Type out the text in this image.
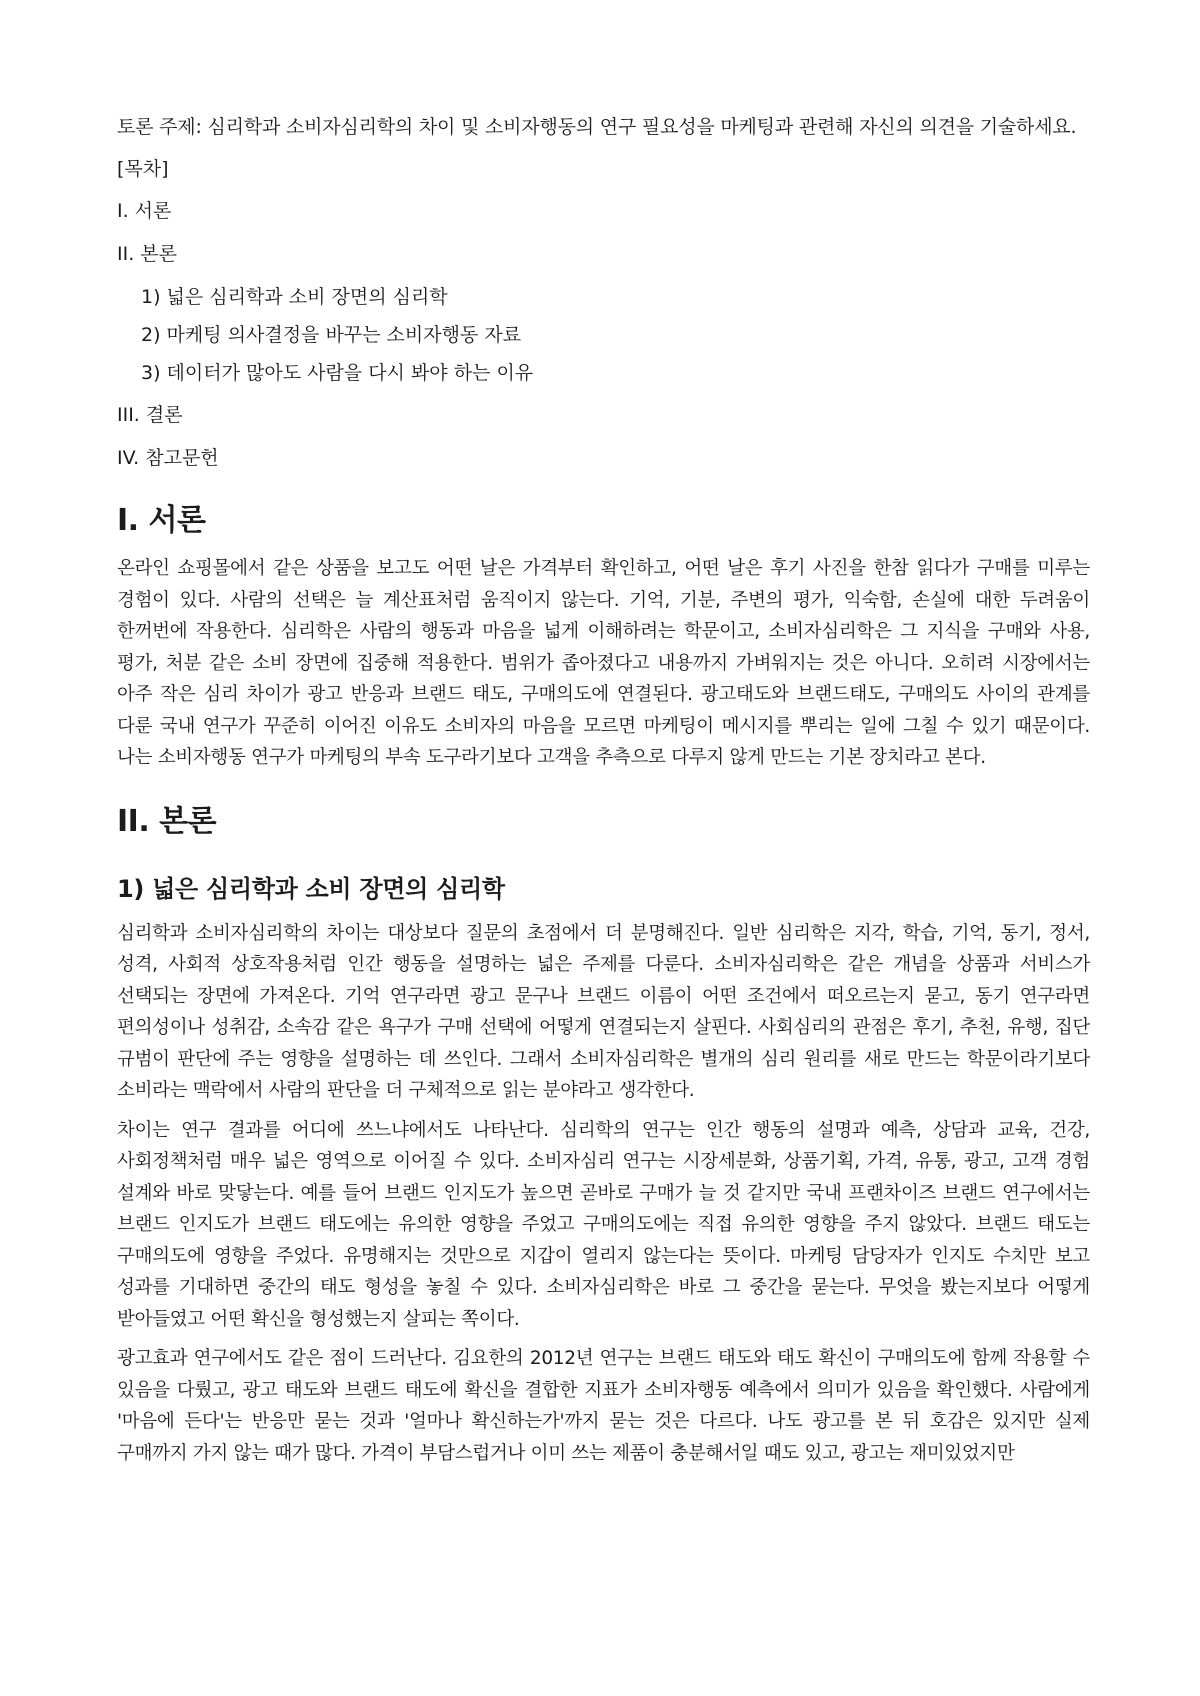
토론 주제: 심리학과 소비자심리학의 차이 및 소비자행동의 연구 필요성을 마케팅과 관련해 자신의 의견을 기술하세요.

[목차]

I. 서론
II. 본론
1) 넓은 심리학과 소비 장면의 심리학
2) 마케팅 의사결정을 바꾸는 소비자행동 자료
3) 데이터가 많아도 사람을 다시 봐야 하는 이유
III. 결론
IV. 참고문헌
I. 서론

온라인 쇼핑몰에서 같은 상품을 보고도 어떤 날은 가격부터 확인하고, 어떤 날은 후기 사진을 한참 읽다가 구매를 미루는 경험이 있다. 사람의 선택은 늘 계산표처럼 움직이지 않는다. 기억, 기분, 주변의 평가, 익숙함, 손실에 대한 두려움이 한꺼번에 작용한다. 심리학은 사람의 행동과 마음을 넓게 이해하려는 학문이고, 소비자심리학은 그 지식을 구매와 사용, 평가, 처분 같은 소비 장면에 집중해 적용한다. 범위가 좁아졌다고 내용까지 가벼워지는 것은 아니다. 오히려 시장에서는 아주 작은 심리 차이가 광고 반응과 브랜드 태도, 구매의도에 연결된다. 광고태도와 브랜드태도, 구매의도 사이의 관계를 다룬 국내 연구가 꾸준히 이어진 이유도 소비자의 마음을 모르면 마케팅이 메시지를 뿌리는 일에 그칠 수 있기 때문이다. 나는 소비자행동 연구가 마케팅의 부속 도구라기보다 고객을 추측으로 다루지 않게 만드는 기본 장치라고 본다.

II. 본론
1) 넓은 심리학과 소비 장면의 심리학

심리학과 소비자심리학의 차이는 대상보다 질문의 초점에서 더 분명해진다. 일반 심리학은 지각, 학습, 기억, 동기, 정서, 성격, 사회적 상호작용처럼 인간 행동을 설명하는 넓은 주제를 다룬다. 소비자심리학은 같은 개념을 상품과 서비스가 선택되는 장면에 가져온다. 기억 연구라면 광고 문구나 브랜드 이름이 어떤 조건에서 떠오르는지 묻고, 동기 연구라면 편의성이나 성취감, 소속감 같은 욕구가 구매 선택에 어떻게 연결되는지 살핀다. 사회심리의 관점은 후기, 추천, 유행, 집단 규범이 판단에 주는 영향을 설명하는 데 쓰인다. 그래서 소비자심리학은 별개의 심리 원리를 새로 만드는 학문이라기보다 소비라는 맥락에서 사람의 판단을 더 구체적으로 읽는 분야라고 생각한다.

차이는 연구 결과를 어디에 쓰느냐에서도 나타난다. 심리학의 연구는 인간 행동의 설명과 예측, 상담과 교육, 건강, 사회정책처럼 매우 넓은 영역으로 이어질 수 있다. 소비자심리 연구는 시장세분화, 상품기획, 가격, 유통, 광고, 고객 경험 설계와 바로 맞닿는다. 예를 들어 브랜드 인지도가 높으면 곧바로 구매가 늘 것 같지만 국내 프랜차이즈 브랜드 연구에서는 브랜드 인지도가 브랜드 태도에는 유의한 영향을 주었고 구매의도에는 직접 유의한 영향을 주지 않았다. 브랜드 태도는 구매의도에 영향을 주었다. 유명해지는 것만으로 지갑이 열리지 않는다는 뜻이다. 마케팅 담당자가 인지도 수치만 보고 성과를 기대하면 중간의 태도 형성을 놓칠 수 있다. 소비자심리학은 바로 그 중간을 묻는다. 무엇을 봤는지보다 어떻게 받아들였고 어떤 확신을 형성했는지 살피는 쪽이다.

광고효과 연구에서도 같은 점이 드러난다. 김요한의 2012년 연구는 브랜드 태도와 태도 확신이 구매의도에 함께 작용할 수 있음을 다뤘고, 광고 태도와 브랜드 태도에 확신을 결합한 지표가 소비자행동 예측에서 의미가 있음을 확인했다. 사람에게 '마음에 든다'는 반응만 묻는 것과 '얼마나 확신하는가'까지 묻는 것은 다르다. 나도 광고를 본 뒤 호감은 있지만 실제 구매까지 가지 않는 때가 많다. 가격이 부담스럽거나 이미 쓰는 제품이 충분해서일 때도 있고, 광고는 재미있었지만
